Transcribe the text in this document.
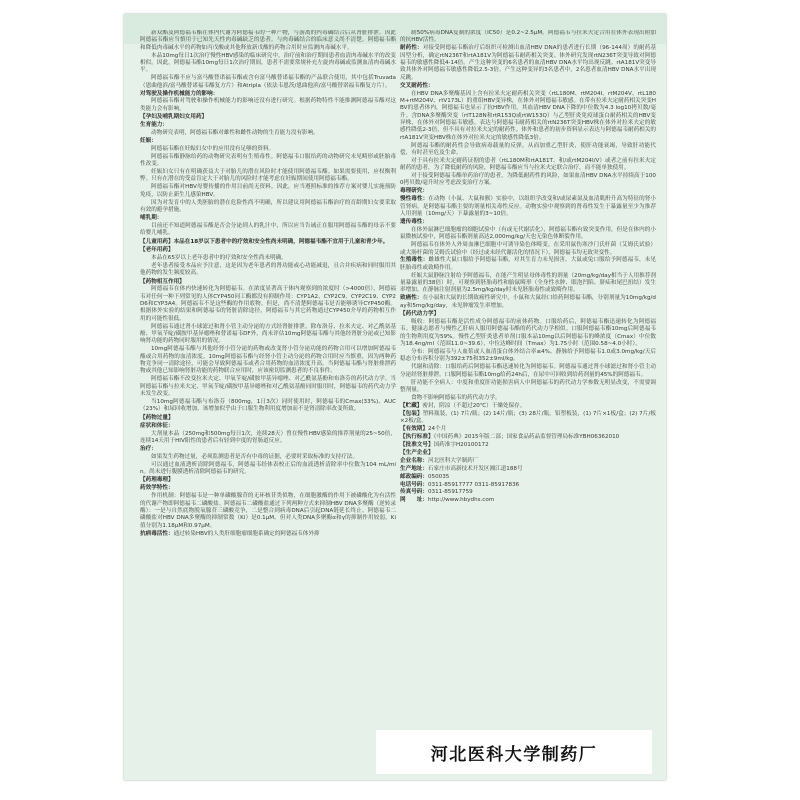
新双酯及阿德福韦酯在体内代谢为阿德福韦的一种产物，与游离的内毒碱结合后从肾脏排泄。因此阿德福韦酯应当慎用于已知先天性肉毒碱缺乏的患者。与肉毒碱结合的临床意义尚不清楚。阿德福韦酯和降低肉毒碱水平的药物如丙戊酸或其他释放新戊酸的药物合用时应监测肉毒碱水平。

本品10mg每日1次治疗慢性HBV感染的临床研究中，治疗前和治疗期间患者血清肉毒碱水平的改变相似。因此，阿德福韦酯10mg每日1次治疗期间，患者不需要常规补充左旋肉毒碱或监测血清肉毒碱水平。

阿德福韦酯不应与富马酸替诺福韦酯或含有富马酸替诺福韦酯的产品联合使用，其中包括Truvada（恩曲他滨/富马酸替诺福韦酯复方片）和Atripla（依法韦恩茨/恩曲他滨/富马酸替诺福韦酯复方片）。

对驾驶及操作机械能力的影响：

阿德福韦酯对驾驶和操作机械能力的影响还没有进行研究。根据药物特性不能推测阿德福韦酯对这类能力会有影响。

【孕妇及哺乳期妇女用药】

生育能力：

动物研究表明，阿德福韦酯对雄性和雌性动物的生育能力没有影响。

妊娠：

阿德福韦酯在妊娠妇女中的应用没有足够的资料。

阿德福韦酯静脉给药的动物研究表明有生殖毒性。阿德福韦口服给药的动物研究未见畸形或胚胎毒性改变。

妊娠妇女只有在明确获益大于对胎儿的潜在风险时才能使用阿德福韦酯。如果需要使用，应权衡利弊。只有在潜在的受益肯定大于对胎儿的风险时才能考虑在妊娠期间使用阿德福韦酯。

阿德福韦酯对HBV母婴传播的作用目前尚无资料。因此，应当遵照标准的推荐方案对婴儿实施预防免疫，以防止新生儿感染HBV。

因为对发育中的人类胚胎的潜在危险性尚不明确，所以建议用阿德福韦酯治疗的育龄期妇女要采取有效的避孕措施。

哺乳期：

目前还不知道阿德福韦酯是否会分泌到人的乳汁中，所以应当告诫正在服用阿德福韦酯的母亲不要给婴儿哺乳。

【儿童用药】本品在18岁以下患者中的疗效和安全性尚未明确，阿德福韦酯不宜用于儿童和青少年。

【老年用药】

本品在65岁以上老年患者中的疗效和安全性尚未明确。

老年患者接受本品应予注意，这是因为老年患者的肾功能或心功能减退，且合并疾病和同时服用其他药物的发生频度较高。

【药物相互作用】

阿德福韦在体内快速转化为阿德福韦。在浓度显著高于体内观察到的浓度时（>4000倍），阿德福韦对任何一种下列常见的人体CYP450同工酶都没有抑制作用：CYP1A2、CYP2C9、CYP2C19、CYP2D6和CYP3A4。阿德福韦不是这些酶的作用底物。但是，尚不清楚阿德福韦是否能够诱导CYP450酶。根据体外实验的结果和阿德福韦的肾脏清除途径，阿德福韦与其它药物通过CYP450介导的药物相互作用的可能性很低。

阿德福韦通过肾小球滤过和肾小管主动分泌的方式经肾脏排泄。除布洛芬、拉米夫定、对乙酰氨基酚、甲氧苄啶/磺胺甲基异噁唑和替诺福韦DF外，尚未评估10mg阿德福韦酯与其他经肾脏分泌或已知影响肾功能的药物同时服用的情况。

10mg阿德福韦酯与其他经肾小管分泌的药物或改变肾小管分泌功能的药物合用可以增加阿德福韦酯或合用药物的血清浓度。10mg阿德福韦酯与经肾小管主动分泌的药物合用时应当慎重，因为两种药物竞争同一清除途径，可能会导致阿德福韦或者合用药物的血清浓度升高。当阿德福韦酯与肾脏排泄药物或其他已知影响肾脏功能的药物联合应用时，应该密切监测患者的不良事件。

阿德福韦酯不改变拉米夫定、甲氧苄啶/磺胺甲基异噁唑、对乙酰氨基酚和布洛芬的药代动力学。当阿德福韦酯与拉米夫定、甲氧苄啶/磺胺甲基异噁唑和对乙酰氨基酚同时服用时，阿德福韦的药代动力学未发生改变。

当10mg阿德福韦酯与布洛芬（800mg，1日3次）同时使用时，阿德福韦的Cmax(33%)、AUC（23%）和尿回收增加。该增加似乎由于口服生物利用度增加而不是肾清除率改变所致。

【药物过量】

症状和体征：

大剂量本品（250mg和500mg每日1次，连续28天）曾在慢性HBV感染的推荐剂量的25~50倍，连续14天用于HIV阳性的患者后有轻到中度的胃肠道反应。

治疗：

如果发生药物过量，必须监测患者是否有中毒的证据，必要时采取标准的支持疗法。

可以通过血液透析清除阿德福韦，阿德福韦经体表校正后的血液透析清除率中位数为104 mL/min。尚未进行腹膜透析清除阿德福韦的研究。

【药理毒理】

药效学特性：

作用机制：阿德福韦是一种单磷酸腺苷的无环核苷类似物，在细胞激酶的作用下被磷酸化为有活性的代谢产物即阿德福韦二磷酸盐。阿德福韦二磷酸盐通过下列两种方式来抑制HBV DNA多聚酶（逆转录酶）：一是与自然底物脱氧腺苷三磷酸竞争，二是整合到病毒DNA后引起DNA链延长终止。阿德福韦二磷酸盐对HBV DNA多聚酶的抑制常数（Ki）是0.1μM。但对人类DNA多聚酶α和γ的抑制作用较弱，Ki值分别为1.18μM和0.97μM。

抗病毒活性：通过转染HBV的人类肝细胞瘤细胞系确定的阿德福韦体外抑

制50%病毒DNA复制的浓度（IC50）是0.2~2.5μM。阿德福韦与拉米夫定合用在体外表现出附加的抗HBV活性。

耐药性：对接受阿德福韦酯治疗后组织可检测出血清HBV DNA的患者进行长期（96-144周）的耐药基因型分析，确定rtN236T和rtA181V为阿德福韦耐药相关突变。体外研究发现rtN236T突变导致对阿德福韦的敏感性降低4-14倍。产生这种突变的6名患者的血清HBV DNA水平均出现反跳。rtA181V突变导致其体外对阿德福韦敏感性降低2.5-3倍。产生这种变异的3名患者中，2名患者血清HBV DNA水平出现反跳。

交叉耐药性：

在HBV DNA多聚酶基因上含有拉米夫定耐药相关突变（rtL180M、rtM204I、rtM204V、rtL180M+rtM204V、rtV173L）的重组HBV变异株，在体外对阿德福韦敏感。在带有拉米夫定耐药相关突变HBV的患者体内，阿德福韦也显示了抗HBV作用，其血清HBV DNA下降的中位数为4.3 log10拷贝数/毫升。含DNA多聚酶突变（rtT128N和rtR153Q或rtW153Q）与乙型肝炎免疫球蛋白耐药相关的HBV变异株，在体外对阿德福韦敏感。表达与阿德福韦耐药相关的rtN236T突变HBV株在体外对拉米夫定的敏感性降低2-3倍，但不具有对拉米夫定的耐药性。体外和患者的初步资料显示表达与阿德福韦耐药相关的rtA181V突变HBV株在体外对拉米夫定的敏感性降低3倍。

阿德福韦酯的耐药性会导致病毒载量的反弹，从而加重乙型肝炎，使肝功能衰竭，导致肝功能代偿，有时甚至危及生命。

对于具有拉米夫定耐药证据的患者（rtL180M和rtA181T、和/或rtM204I/V）或者之前有拉米夫定耐药的患者，为了降低耐药的风险，阿德福韦酯应当与拉米夫定联合治疗，而不能单独使用。

对于接受阿德福韦酯单药治疗的患者，为降低耐药性的风险，如果血清HBV DNA水平持续高于1000拷贝数/毫升时应考虑改变治疗方案。

毒理研究：

慢性毒性：在动物（小鼠、大鼠和猴）实验中，以组织学改变和/或尿素氮及血清肌酐升高为特征的肾小管肾病，是阿德福韦酯主要的剂量相关毒性反应。动物实验中观察到的肾毒性发生于暴露量至少为推荐人用剂量（10mg/天）下暴露量的3~10倍。

遗传毒性：

在体外鼠淋巴细胞瘤的细胞试验中（有或无代谢活化），阿德福韦酯有致突变作用，但是在体内的小鼠微核试验中，阿德福韦酯剂量高达2,000mg/kg/天也无染色体断裂作用。

阿德福韦在体外人外周血淋巴细胞中可诱导染色体畸变。在采用鼠伤寒沙门氏杆菌（艾姆氏试验）或大肠杆菌的艾姆氏试验中（经过或未经代谢活化的情况下），阿德福韦均无致突变性。

生殖毒性：雌雄性大鼠口服给予阿德福韦酯，对其生育力未见损害。大鼠或兔口服给予阿德福韦，未见胚胎毒性或致畸作用。

妊娠大鼠静脉注射给予阿德福韦，在能产生明显母体毒性的剂量（20mg/kg/day相当于人用推荐剂量暴露量的38倍）时，可观察到胚胎毒性和胎鼠畸形（全身性水肿、眼泡凹陷、脐疝和尾巴扭结）发生率增加。在静脉注射剂量为2.5mg/kg/day时未见胚胎毒性或致畸作用。

致癌性：在小鼠和大鼠的长期致癌性研究中，小鼠和大鼠经口给药阿德福韦酯，分别剂量为10mg/kg/day和5mg/kg/day，未见肿瘤发生率增加。

【药代动力学】

吸收：阿德福韦酯是活性成分阿德福韦的前体药物。口服给药后，阿德福韦酯迅速转化为阿德福韦。健康志愿者与慢性乙肝病人服用阿德福韦酯的药代动力学相似。口服阿德福韦酯10mg后阿德福韦的生物利用度为59%。慢性乙型肝炎患者单剂口服本品10mg以后阿德福韦的峰浓度（Cmax）中位数为18.4ng/ml（范围11.0~39.6），中位达峰时间（Tmax）为1.75小时（范围0.58~4.0小时）。

分布：阿德福韦与人血浆或人血清蛋白体外结合率≤4%。静脉给予阿德福韦1.0或3.0mg/kg/天后稳态分布容积分别为392±75和352±9ml/kg。

代谢和清除：口服给药后阿德福韦酯迅速转化为阿德福韦。阿德福韦通过肾小球滤过和肾小管主动分泌经肾脏排泄。口服阿德福韦酯10mg给药24h后，在尿中可回收到给药剂量的45%的阿德福韦。

肝功能不全病人：中度和重度肝功能损害病人中阿德福韦的药代动力学参数无明显改变，不需要调整剂量。

食物不影响阿德福韦的药代动力学。

【贮藏】密封，阴凉（不超过20℃）干燥处保存。

【包装】塑料瓶装，(1) 7片/瓶；(2) 14片/瓶；(3) 28片/瓶。铝塑板装，(1) 7片×1板/盒；(2) 7片/板×2板/盒。

【有效期】24个月

【执行标准】《中国药典》2015年版二部；国家食品药品监督管理局标准YBH06362010

【批准文号】国药准字H20100172

【生产企业】

企业名称：河北医科大学制药厂

生产地址：石家庄市高新技术开发区湘江道188号

邮政编码：050035

电话号码：0311-85917777 0311-85917836

传真号码：0311-85917759

网　　址：http://www.hbydhs.com

河北医科大学制药厂
